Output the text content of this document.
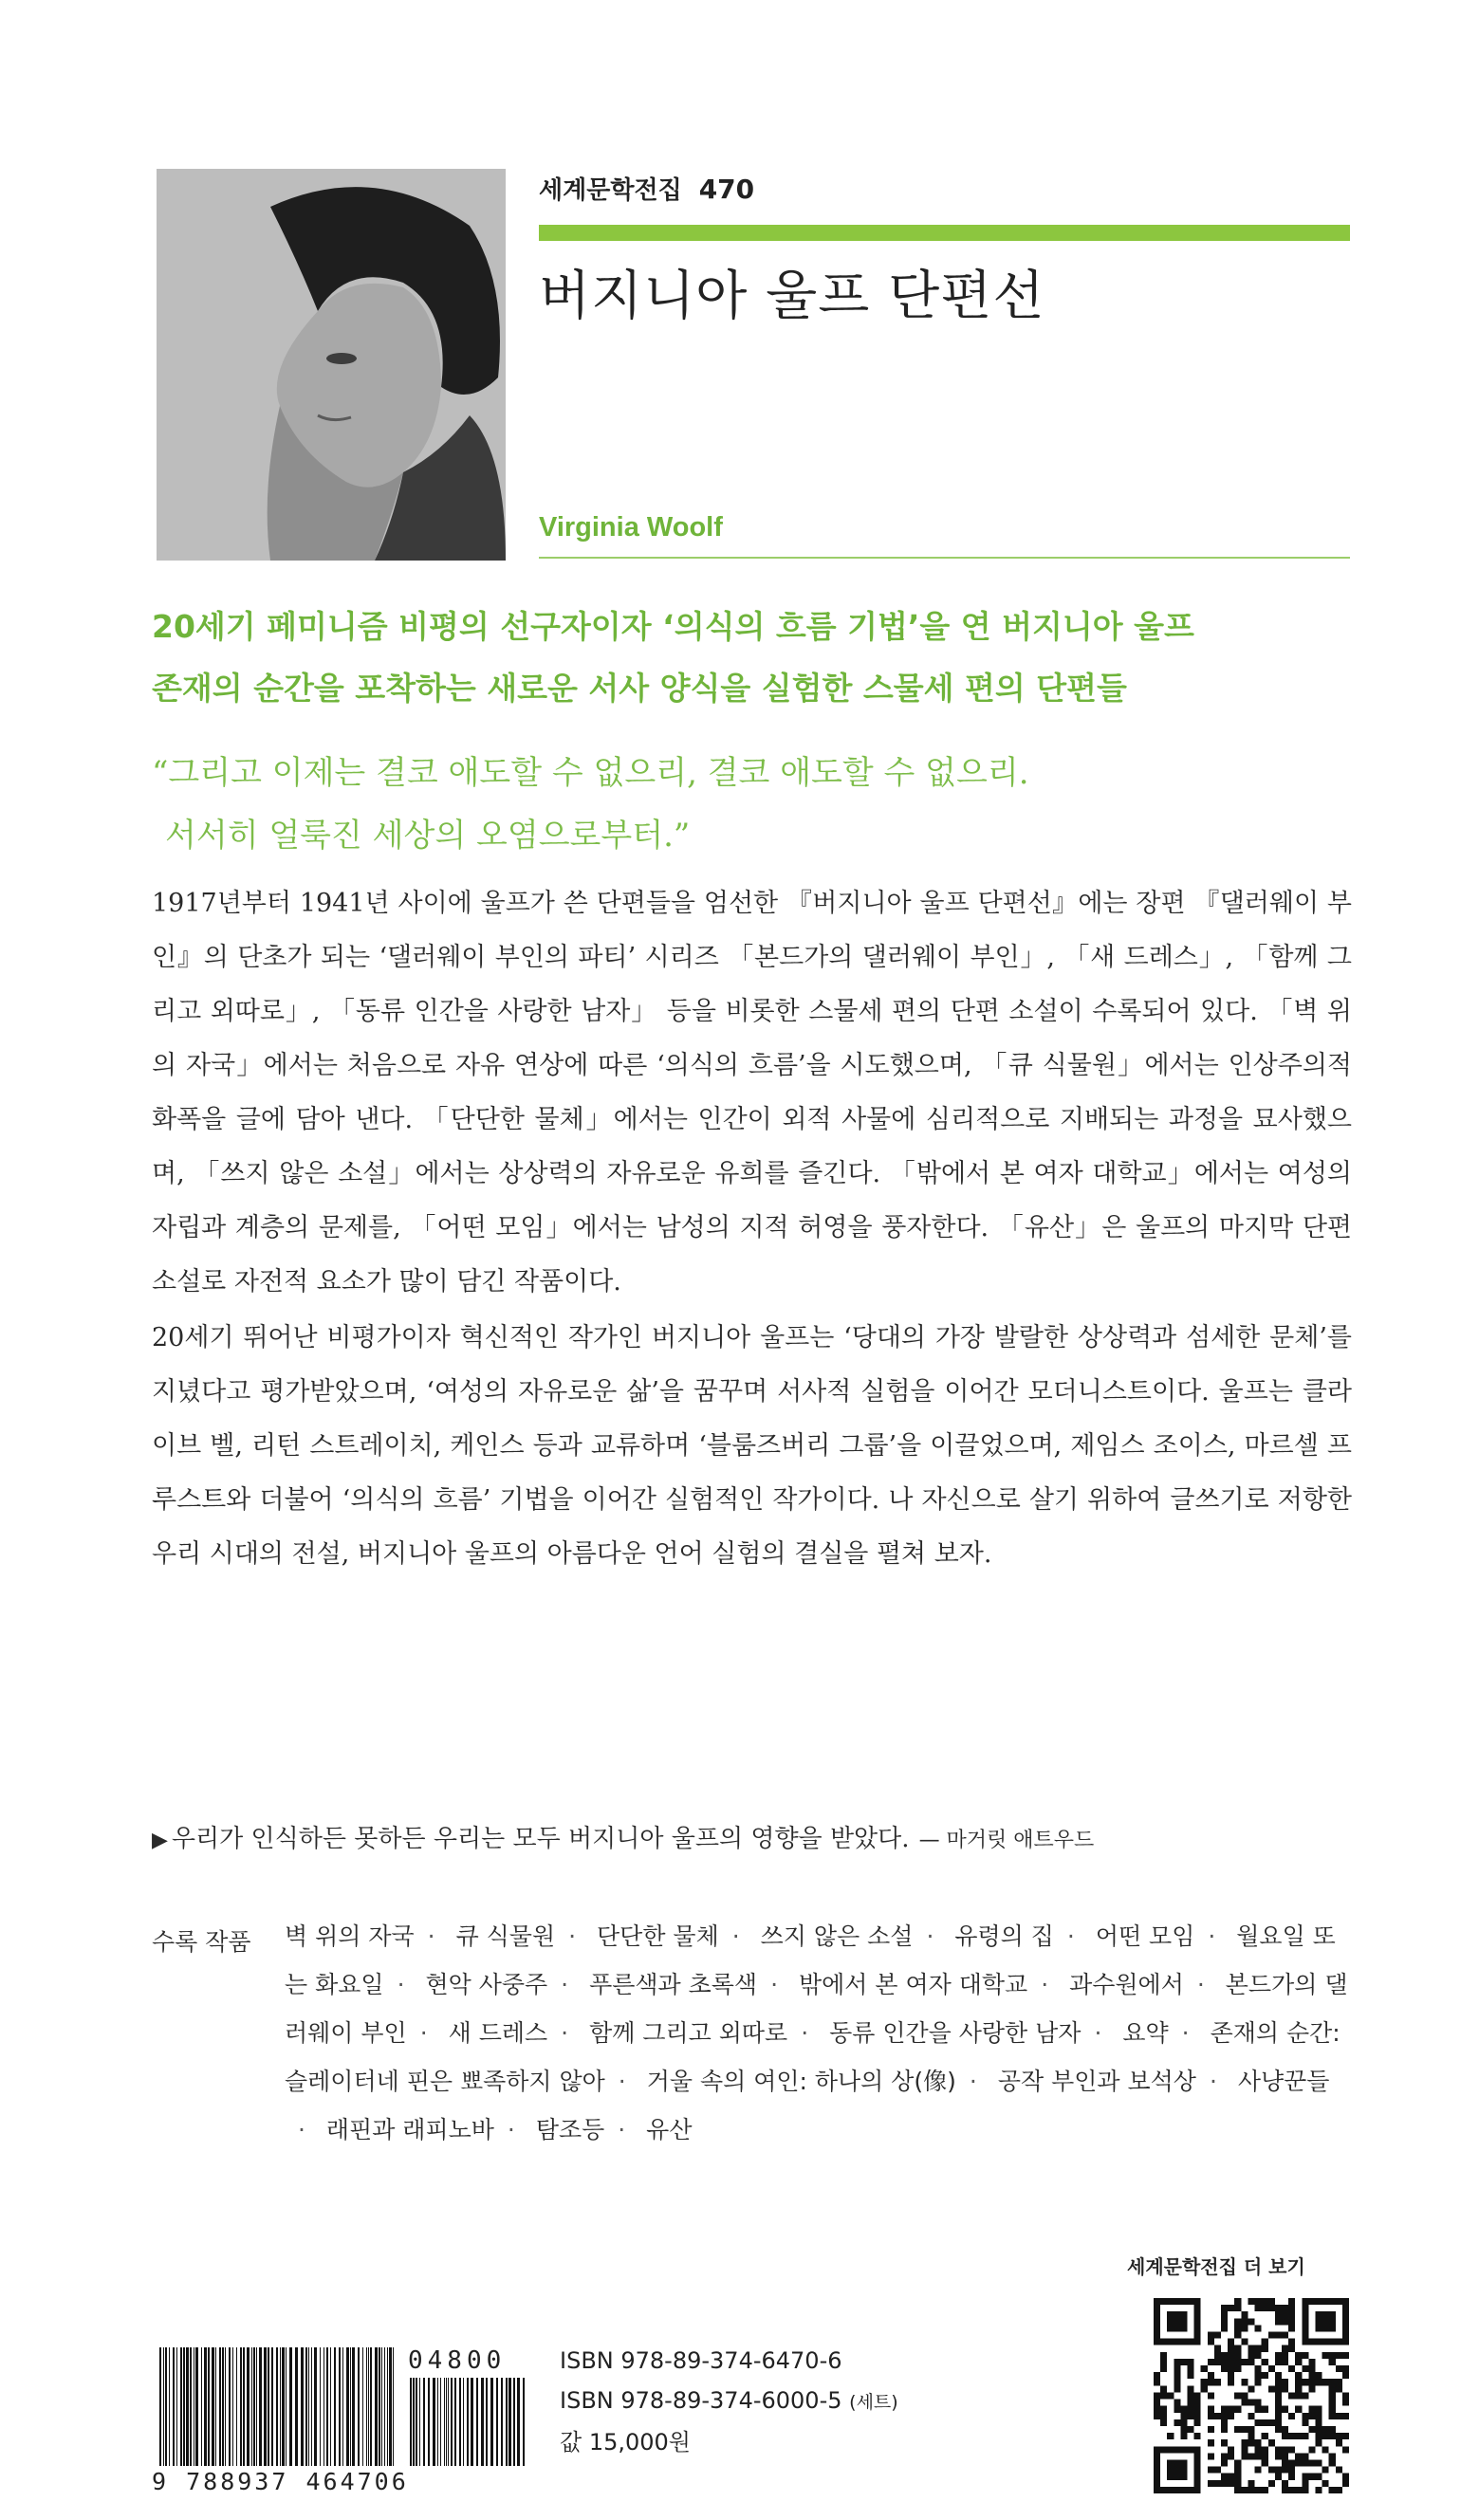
세계문학전집 470
버지니아 울프 단편선
Virginia Woolf
20세기 페미니즘 비평의 선구자이자 ‘의식의 흐름 기법’을 연 버지니아 울프
존재의 순간을 포착하는 새로운 서사 양식을 실험한 스물세 편의 단편들
“그리고 이제는 결코 애도할 수 없으리, 결코 애도할 수 없으리.
서서히 얼룩진 세상의 오염으로부터.”

1917년부터 1941년 사이에 울프가 쓴 단편들을 엄선한 『버지니아 울프 단편선』에는 장편 『댈러웨이 부인』의 단초가 되는 ‘댈러웨이 부인의 파티’ 시리즈 「본드가의 댈러웨이 부인」, 「새 드레스」, 「함께 그리고 외따로」, 「동류 인간을 사랑한 남자」 등을 비롯한 스물세 편의 단편 소설이 수록되어 있다. 「벽 위의 자국」에서는 처음으로 자유 연상에 따른 ‘의식의 흐름’을 시도했으며, 「큐 식물원」에서는 인상주의적 화폭을 글에 담아 낸다. 「단단한 물체」에서는 인간이 외적 사물에 심리적으로 지배되는 과정을 묘사했으며, 「쓰지 않은 소설」에서는 상상력의 자유로운 유희를 즐긴다. 「밖에서 본 여자 대학교」에서는 여성의 자립과 계층의 문제를, 「어떤 모임」에서는 남성의 지적 허영을 풍자한다. 「유산」은 울프의 마지막 단편 소설로 자전적 요소가 많이 담긴 작품이다.

20세기 뛰어난 비평가이자 혁신적인 작가인 버지니아 울프는 ‘당대의 가장 발랄한 상상력과 섬세한 문체’를 지녔다고 평가받았으며, ‘여성의 자유로운 삶’을 꿈꾸며 서사적 실험을 이어간 모더니스트이다. 울프는 클라이브 벨, 리턴 스트레이치, 케인스 등과 교류하며 ‘블룸즈버리 그룹’을 이끌었으며, 제임스 조이스, 마르셀 프루스트와 더불어 ‘의식의 흐름’ 기법을 이어간 실험적인 작가이다. 나 자신으로 살기 위하여 글쓰기로 저항한 우리 시대의 전설, 버지니아 울프의 아름다운 언어 실험의 결실을 펼쳐 보자.

▶ 우리가 인식하든 못하든 우리는 모두 버지니아 울프의 영향을 받았다. — 마거릿 애트우드
수록 작품 벽 위의 자국 · 큐 식물원 · 단단한 물체 · 쓰지 않은 소설 · 유령의 집 · 어떤 모임 · 월요일 또는 화요일 · 현악 사중주 · 푸른색과 초록색 · 밖에서 본 여자 대학교 · 과수원에서 · 본드가의 댈러웨이 부인 · 새 드레스 · 함께 그리고 외따로 · 동류 인간을 사랑한 남자 · 요약 · 존재의 순간: 슬레이터네 핀은 뾰족하지 않아 · 거울 속의 여인: 하나의 상(像) · 공작 부인과 보석상 · 사냥꾼들· 래핀과 래피노바 · 탐조등 · 유산
세계문학전집 더 보기
9 788937 464706
04800 ISBN 978-89-374-6470-6
ISBN 978-89-374-6000-5 (세트)
값 15,000원
